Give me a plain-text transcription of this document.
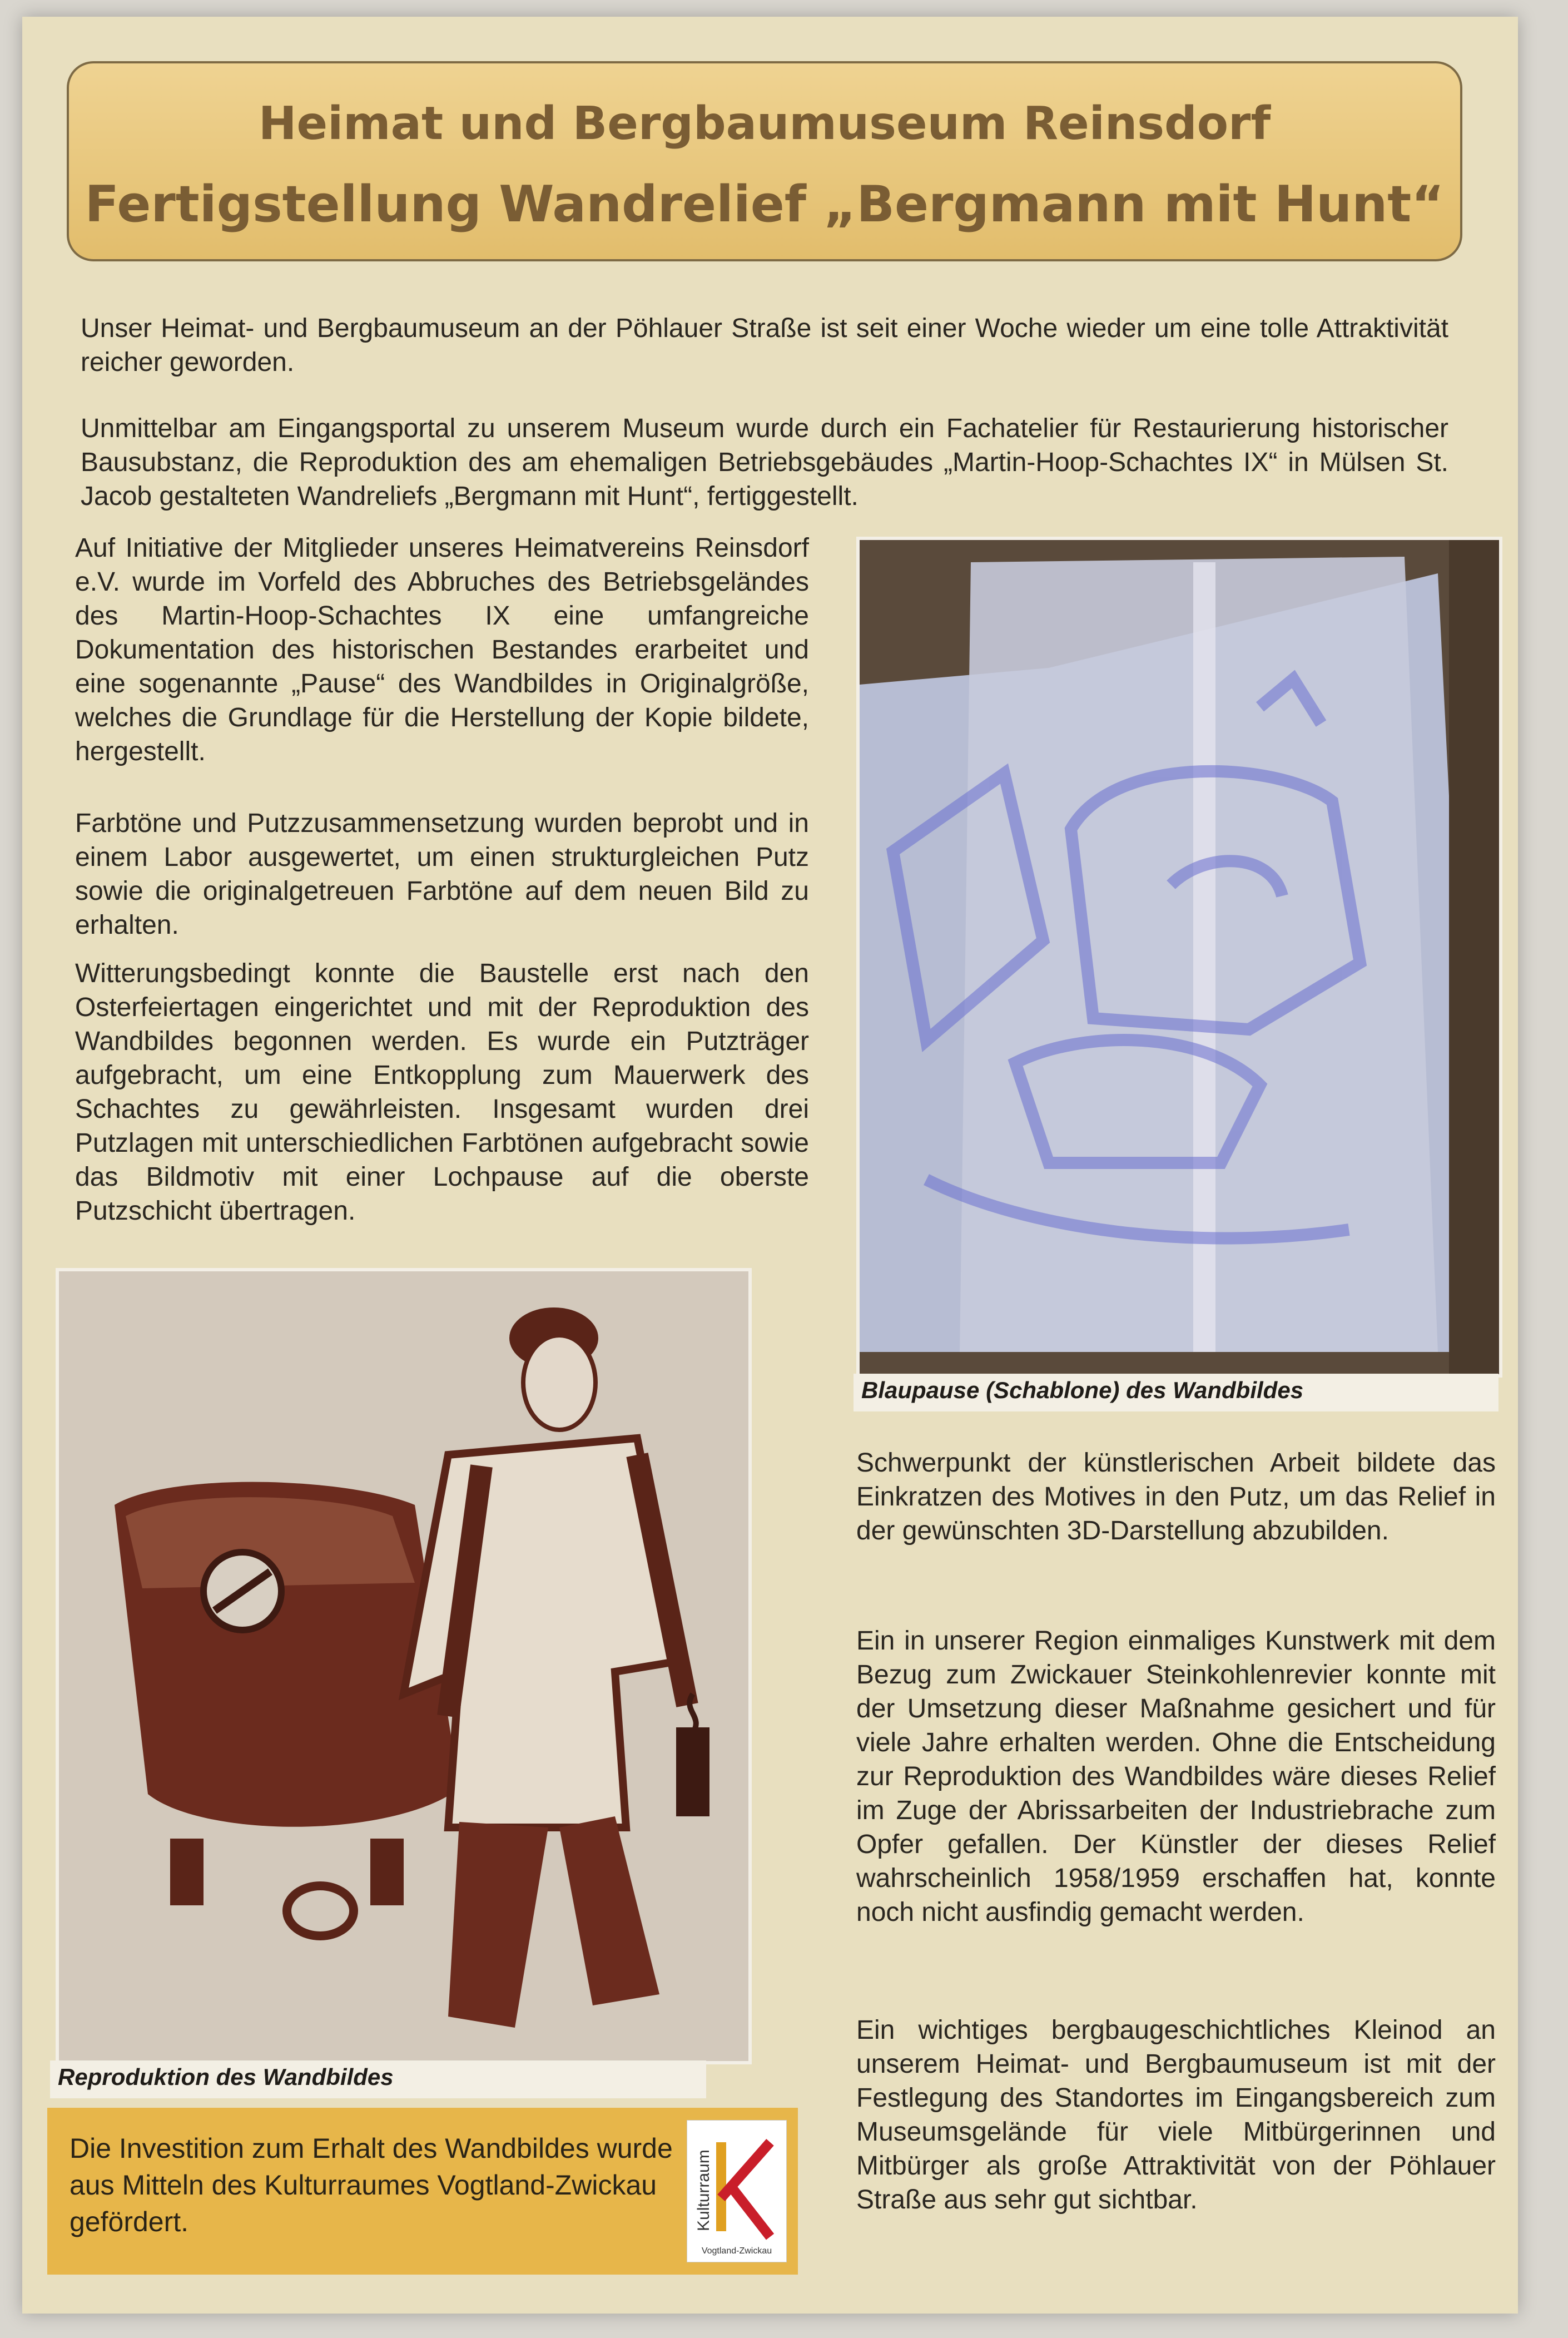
Heimat und Bergbaumuseum Reinsdorf
Fertigstellung Wandrelief „Bergmann mit Hunt“

Unser Heimat- und Bergbaumuseum an der Pöhlauer Straße ist seit einer Woche wieder um eine tolle Attraktivität reicher geworden.

Unmittelbar am Eingangsportal zu unserem Museum wurde durch ein Fachatelier für Restaurierung historischer Bausubstanz, die Reproduktion des am ehemaligen Betriebsgebäudes „Martin-Hoop-Schachtes IX“ in Mülsen St. Jacob gestalteten Wandreliefs „Bergmann mit Hunt“, fertiggestellt.

Auf Initiative der Mitglieder unseres Heimatvereins Reinsdorf e.V. wurde im Vorfeld des Abbruches des Betriebsgeländes des Martin-Hoop-Schachtes IX eine umfangreiche Dokumentation des historischen Bestandes erarbeitet und eine sogenannte „Pause“ des Wandbildes in Originalgröße, welches die Grundlage für die Herstellung der Kopie bildete, hergestellt.

Farbtöne und Putzzusammensetzung wurden beprobt und in einem Labor ausgewertet, um einen strukturgleichen Putz sowie die originalgetreuen Farbtöne auf dem neuen Bild zu erhalten.

Witterungsbedingt konnte die Baustelle erst nach den Osterfeiertagen eingerichtet und mit der Reproduktion des Wandbildes begonnen werden. Es wurde ein Putzträger aufgebracht, um eine Entkopplung zum Mauerwerk des Schachtes zu gewährleisten. Insgesamt wurden drei Putzlagen mit unterschiedlichen Farbtönen aufgebracht sowie das Bildmotiv mit einer Lochpause auf die oberste Putzschicht übertragen.

Blaupause (Schablone) des Wandbildes

Schwerpunkt der künstlerischen Arbeit bildete das Einkratzen des Motives in den Putz, um das Relief in der gewünschten 3D-Darstellung abzubilden.

Ein in unserer Region einmaliges Kunstwerk mit dem Bezug zum Zwickauer Steinkohlenrevier konnte mit der Umsetzung dieser Maßnahme gesichert und für viele Jahre erhalten werden. Ohne die Entscheidung zur Reproduktion des Wandbildes wäre dieses Relief im Zuge der Abrissarbeiten der Industriebrache zum Opfer gefallen. Der Künstler der dieses Relief wahrscheinlich 1958/1959 erschaffen hat, konnte noch nicht ausfindig gemacht werden.

Ein wichtiges bergbaugeschichtliches Kleinod an unserem Heimat- und Bergbaumuseum ist mit der Festlegung des Standortes im Eingangsbereich zum Museumsgelände für viele Mitbürgerinnen und Mitbürger als große Attraktivität von der Pöhlauer Straße aus sehr gut sichtbar.

Reproduktion des Wandbildes

Die Investition zum Erhalt des Wandbildes wurde aus Mitteln des Kulturraumes Vogtland-Zwickau gefördert.	Kulturraum
Vogtland-Zwickau
